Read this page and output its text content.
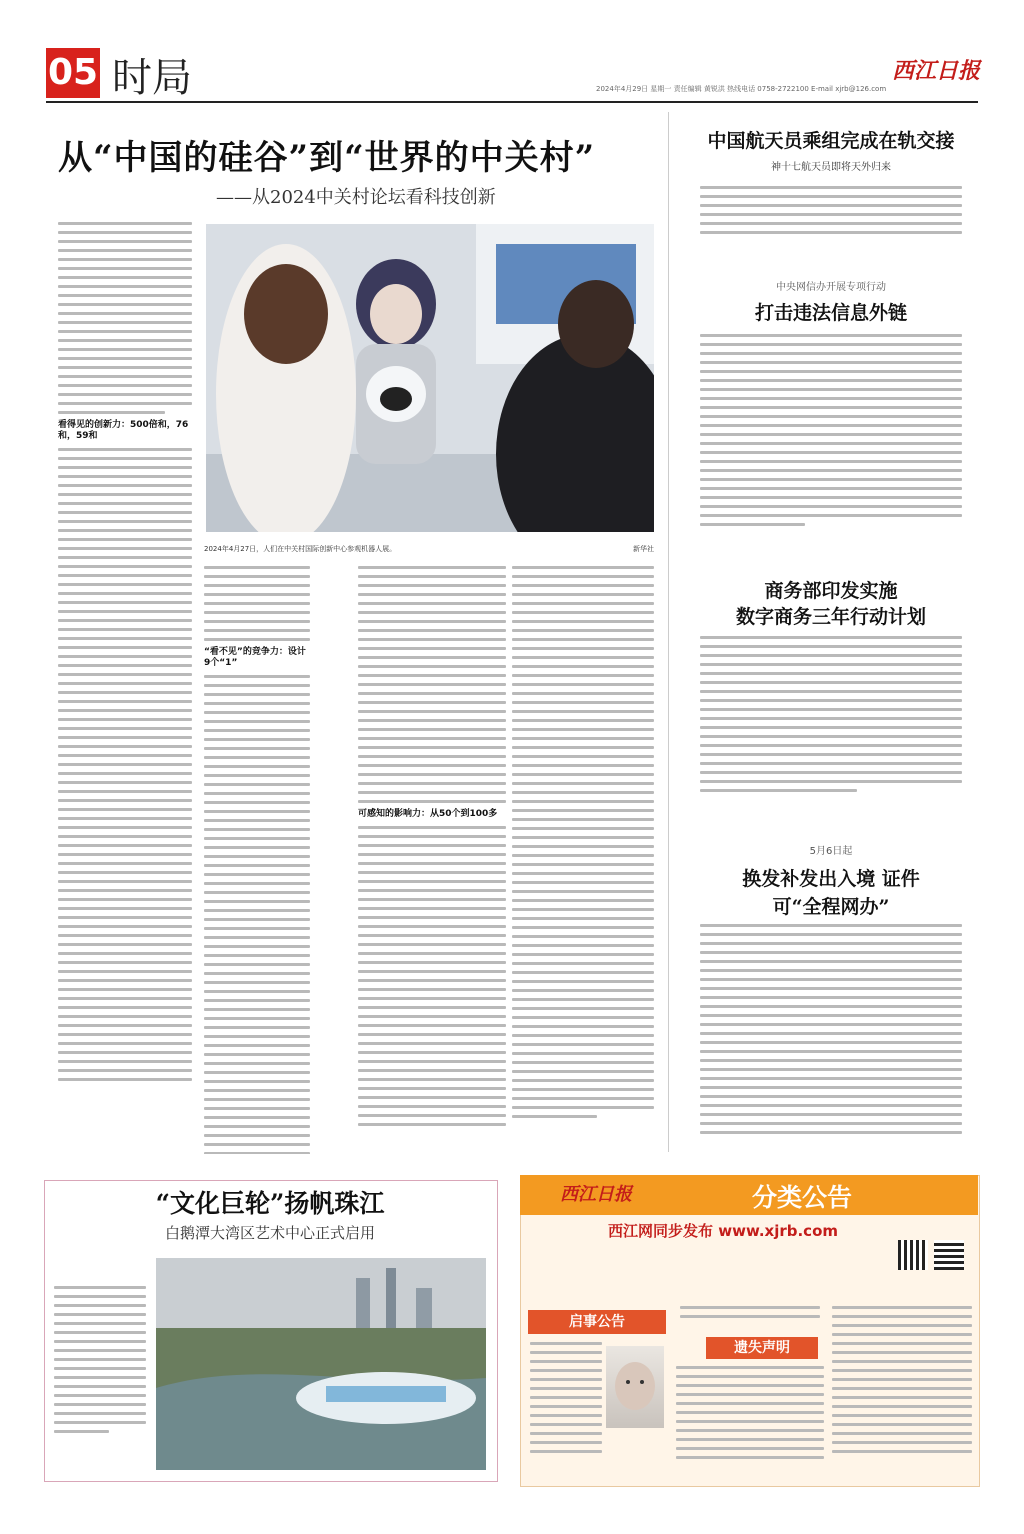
05 时局	2024年4月29日 星期一 责任编辑 黄锐洪 热线电话 0758-2722100 E-mail xjrb@126.com
西江日报
从“中国的硅谷”到“世界的中关村”
——从2024中关村论坛看科技创新
看得见的创新力：500倍和，76和，59和
2024年4月27日，人们在中关村国际创新中心参观机器人展。	新华社
“看不见”的竞争力：设计9个“1”
可感知的影响力：从50个到100多
中国航天员乘组完成在轨交接
神十七航天员即将天外归来
中央网信办开展专项行动
打击违法信息外链
商务部印发实施
数字商务三年行动计划
5月6日起
换发补发出入境 证件
可“全程网办”
“文化巨轮”扬帆珠江
白鹅潭大湾区艺术中心正式启用
西江日报	分类公告
西江网同步发布 www.xjrb.com
启事公告
遗失声明
